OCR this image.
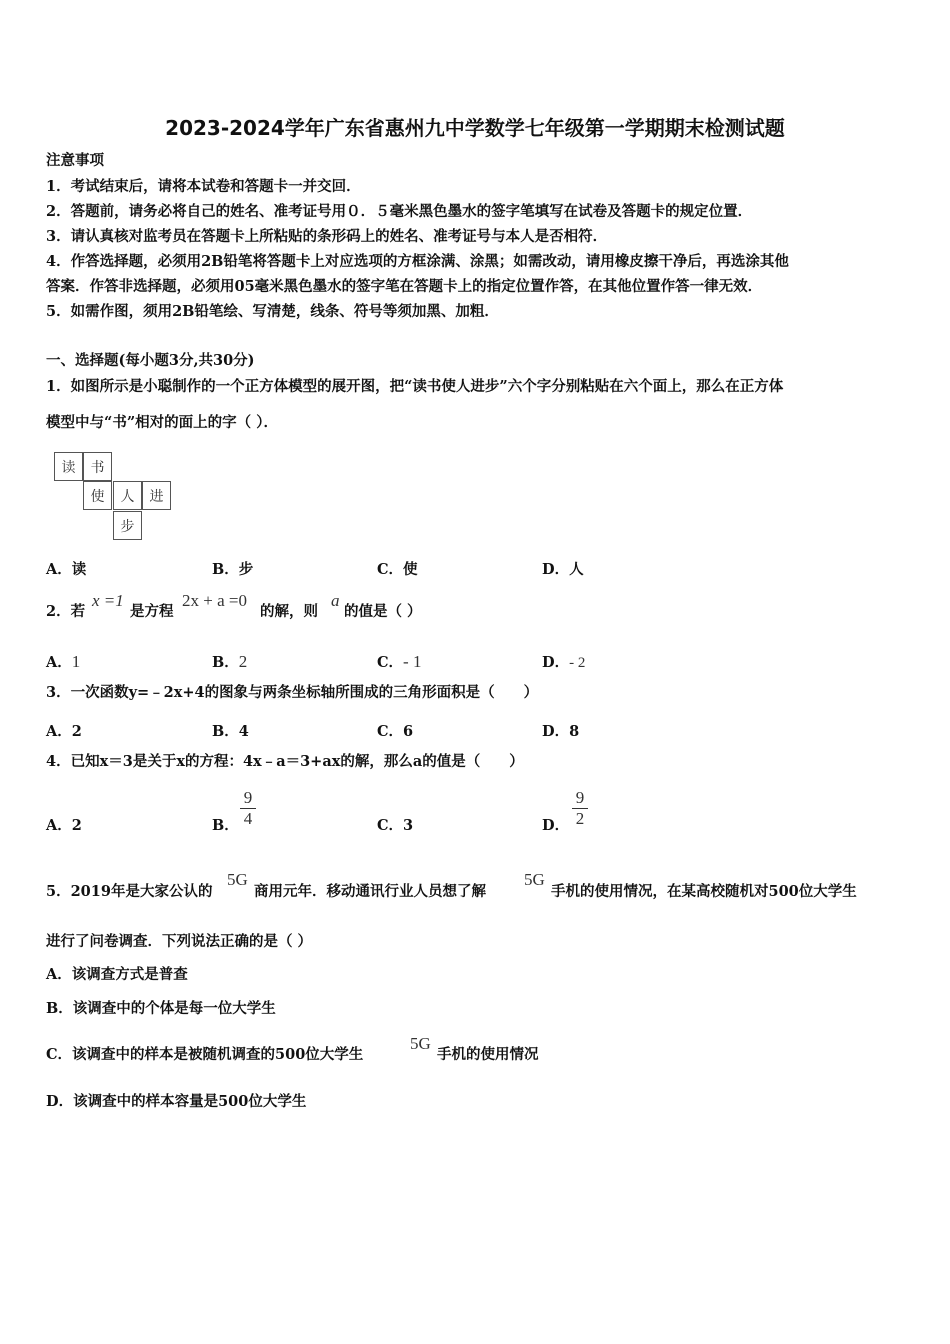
2023-2024学年广东省惠州九中学数学七年级第一学期期末检测试题
注意事项
1．考试结束后，请将本试卷和答题卡一并交回．
2．答题前，请务必将自己的姓名、准考证号用０．５毫米黑色墨水的签字笔填写在试卷及答题卡的规定位置．
3．请认真核对监考员在答题卡上所粘贴的条形码上的姓名、准考证号与本人是否相符．
4．作答选择题，必须用2B铅笔将答题卡上对应选项的方框涂满、涂黑；如需改动，请用橡皮擦干净后，再选涂其他
答案．作答非选择题，必须用05毫米黑色墨水的签字笔在答题卡上的指定位置作答，在其他位置作答一律无效．
5．如需作图，须用2B铅笔绘、写清楚，线条、符号等须加黑、加粗．
一、选择题(每小题3分,共30分)
1．如图所示是小聪制作的一个正方体模型的展开图，把“读书使人进步”六个字分别粘贴在六个面上，那么在正方体
模型中与“书”相对的面上的字（ ）．
读	书
使	人	进
步
A．读	B．步	C．使	D．人
2．若
x =1
是方程
2x + a =0
的解，则
a
的值是（ ）
A．1	B．2	C．- 1	D．- 2
3．一次函数y=﹣2x+4的图象与两条坐标轴所围成的三角形面积是（　　）
A．2	B．4	C．6	D．8
4．已知x＝3是关于x的方程：4x﹣a＝3+ax的解，那么a的值是（　　）
A．2	B． $\frac{9}{4}$	C．3	D． $\frac{9}{2}$
5．2019年是大家公认的
5G
商用元年．移动通讯行业人员想了解
5G
手机的使用情况，在某高校随机对500位大学生
进行了问卷调查．下列说法正确的是（ ）
A．该调查方式是普查
B．该调查中的个体是每一位大学生
C．该调查中的样本是被随机调查的500位大学生
5G
手机的使用情况
D．该调查中的样本容量是500位大学生
